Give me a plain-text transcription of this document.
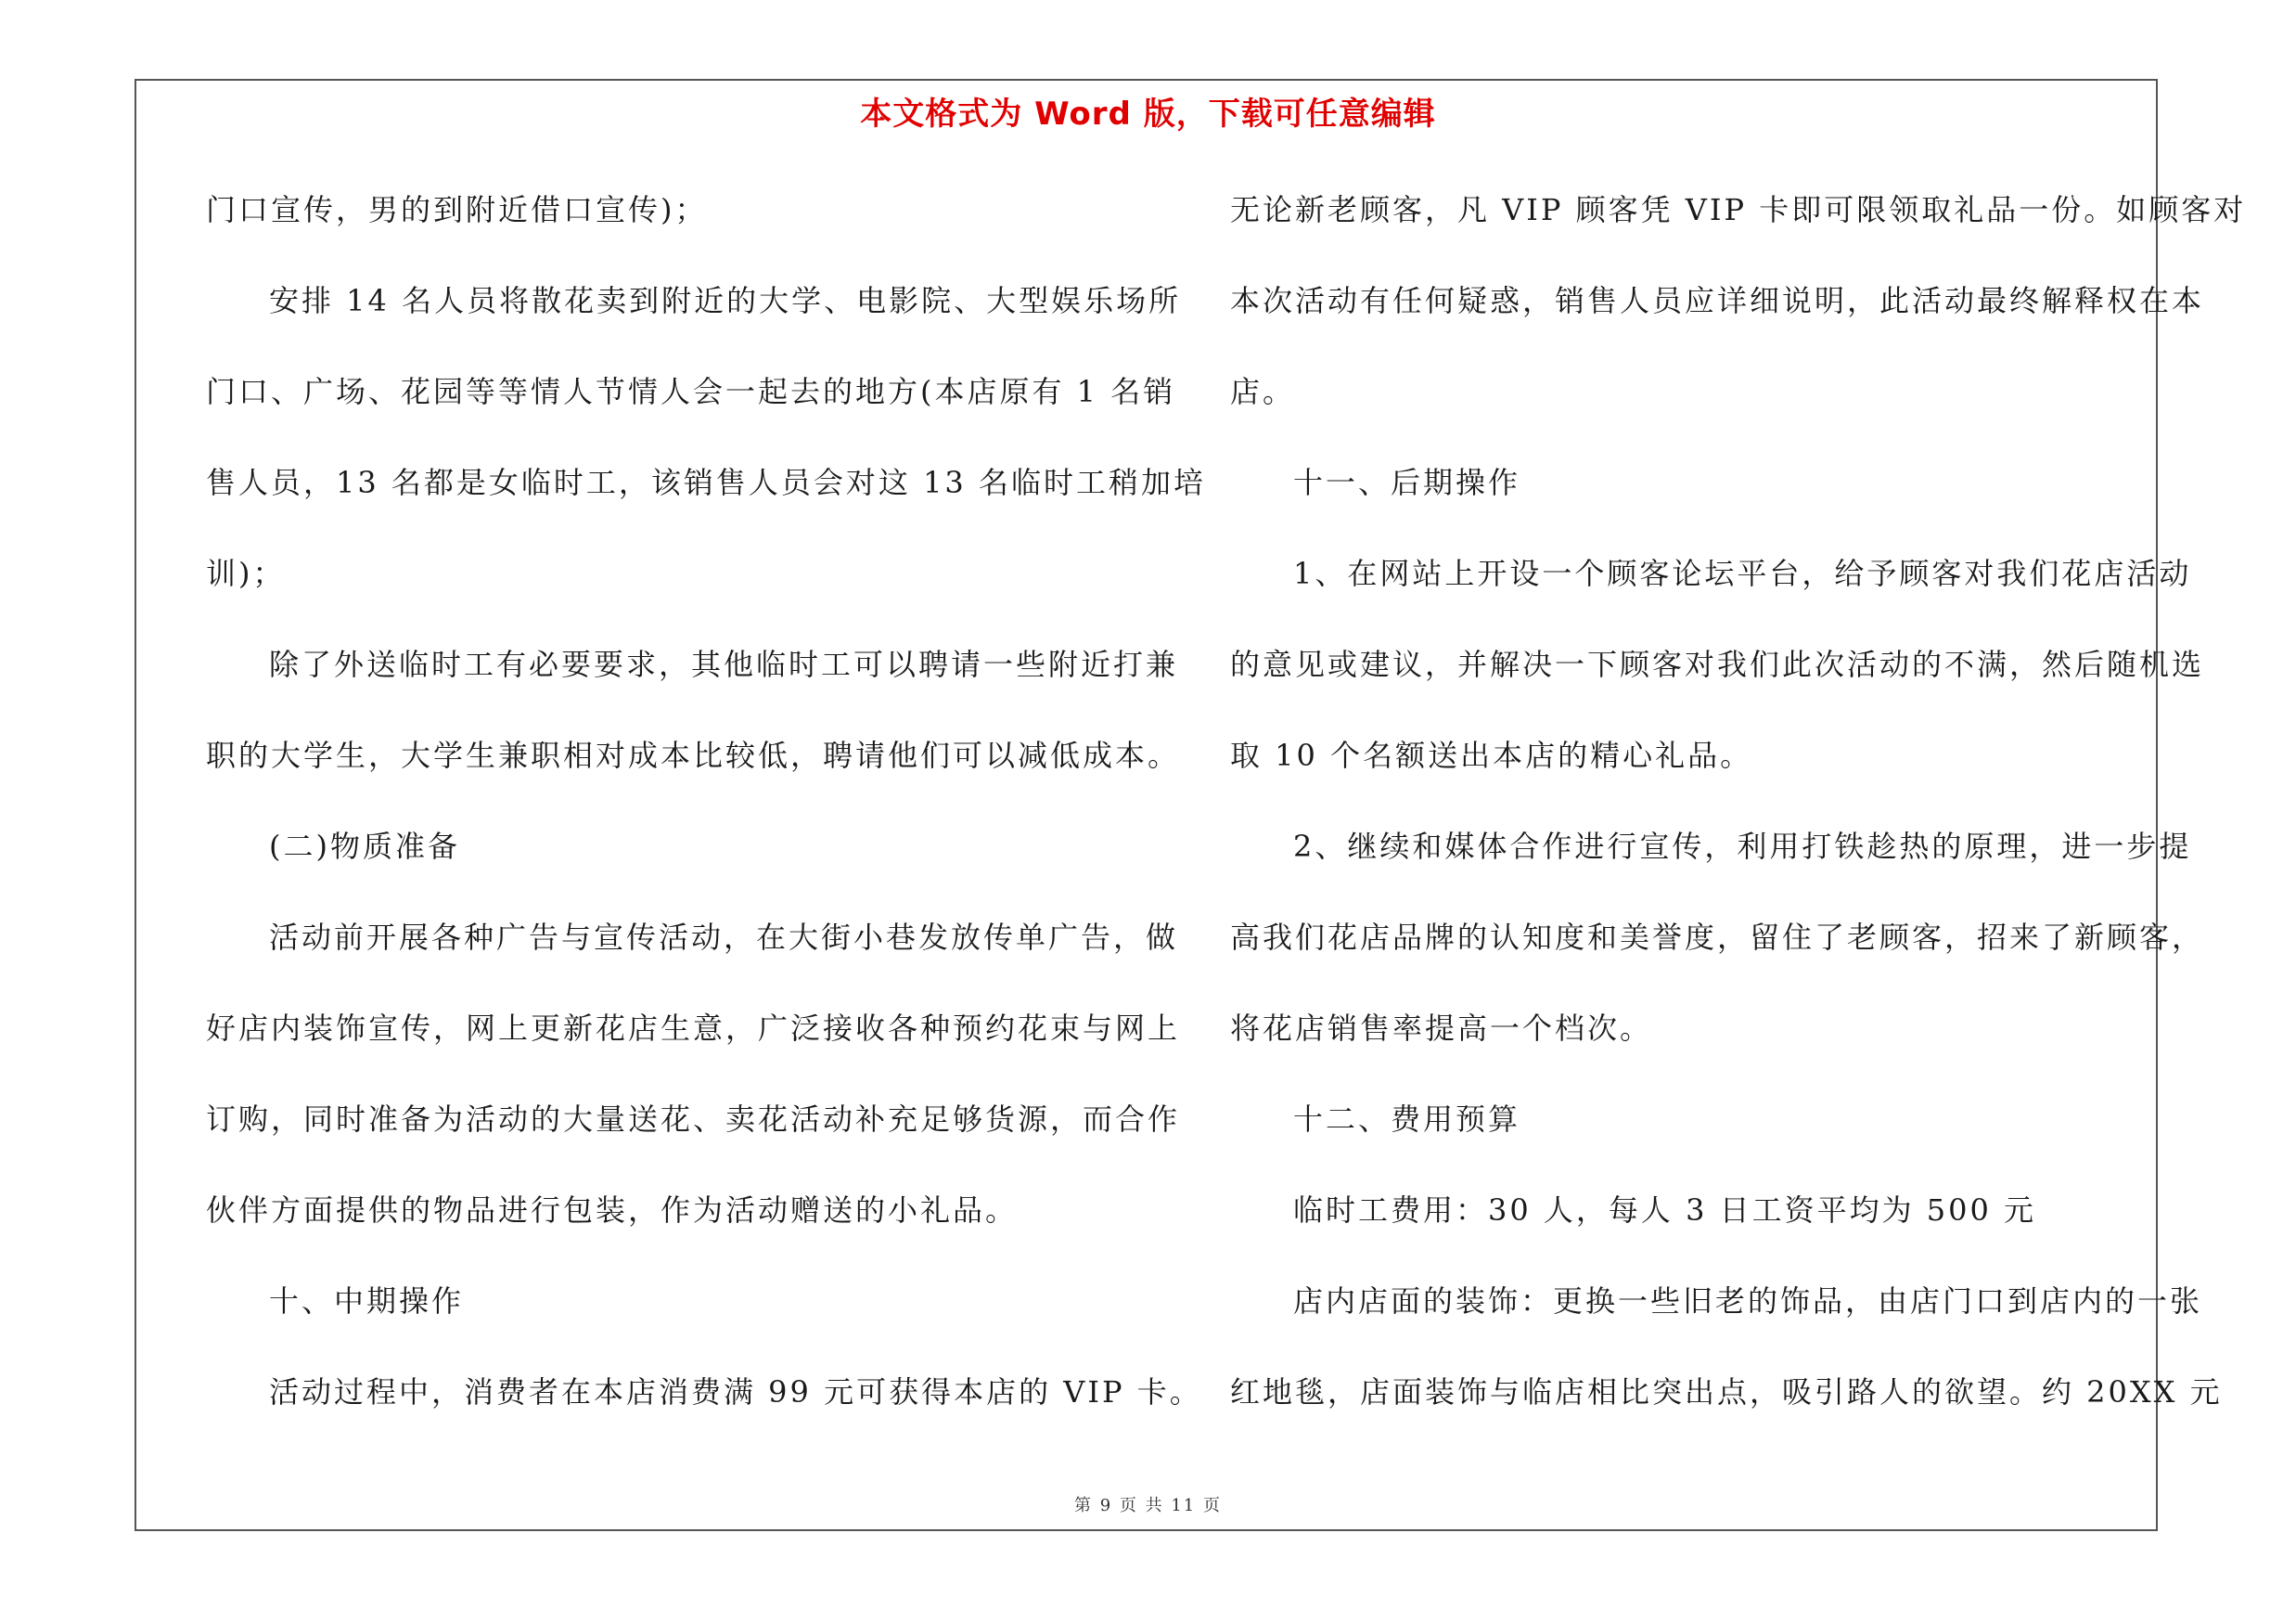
本文格式为 Word 版，下载可任意编辑
门口宣传，男的到附近借口宣传)；
安排 14 名人员将散花卖到附近的大学、电影院、大型娱乐场所
门口、广场、花园等等情人节情人会一起去的地方(本店原有 1 名销
售人员，13 名都是女临时工，该销售人员会对这 13 名临时工稍加培
训)；
除了外送临时工有必要要求，其他临时工可以聘请一些附近打兼
职的大学生，大学生兼职相对成本比较低，聘请他们可以减低成本。
(二)物质准备
活动前开展各种广告与宣传活动，在大街小巷发放传单广告，做
好店内装饰宣传，网上更新花店生意，广泛接收各种预约花束与网上
订购，同时准备为活动的大量送花、卖花活动补充足够货源，而合作
伙伴方面提供的物品进行包装，作为活动赠送的小礼品。
十、中期操作
活动过程中，消费者在本店消费满 99 元可获得本店的 VIP 卡。
无论新老顾客，凡 VIP 顾客凭 VIP 卡即可限领取礼品一份。如顾客对
本次活动有任何疑惑，销售人员应详细说明，此活动最终解释权在本
店。
十一、后期操作
1、在网站上开设一个顾客论坛平台，给予顾客对我们花店活动
的意见或建议，并解决一下顾客对我们此次活动的不满，然后随机选
取 10 个名额送出本店的精心礼品。
2、继续和媒体合作进行宣传，利用打铁趁热的原理，进一步提
高我们花店品牌的认知度和美誉度，留住了老顾客，招来了新顾客，
将花店销售率提高一个档次。
十二、费用预算
临时工费用：30 人，每人 3 日工资平均为 500 元
店内店面的装饰：更换一些旧老的饰品，由店门口到店内的一张
红地毯，店面装饰与临店相比突出点，吸引路人的欲望。约 20XX 元
第 9 页 共 11 页
